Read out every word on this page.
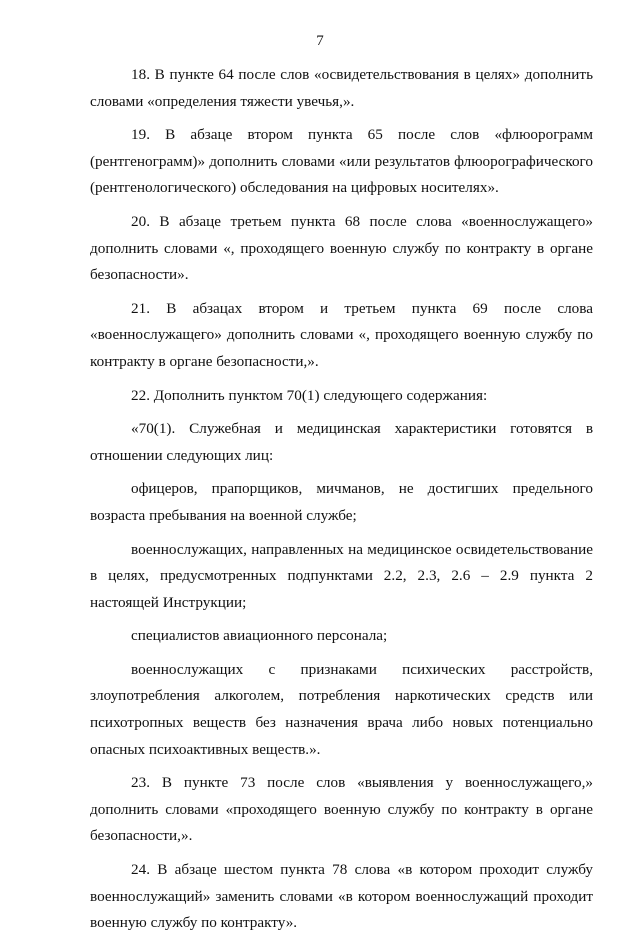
7

18. В пункте 64 после слов «освидетельствования в целях» дополнить словами «определения тяжести увечья,».

19. В абзаце втором пункта 65 после слов «флюорограмм (рентгенограмм)» дополнить словами «или результатов флюорографического (рентгенологического) обследования на цифровых носителях».

20. В абзаце третьем пункта 68 после слова «военнослужащего» дополнить словами «, проходящего военную службу по контракту в органе безопасности».

21. В абзацах втором и третьем пункта 69 после слова «военнослужащего» дополнить словами «, проходящего военную службу по контракту в органе безопасности,».

22. Дополнить пунктом 70(1) следующего содержания:

«70(1). Служебная и медицинская характеристики готовятся в отношении следующих лиц:

офицеров, прапорщиков, мичманов, не достигших предельного возраста пребывания на военной службе;

военнослужащих, направленных на медицинское освидетельствование в целях, предусмотренных подпунктами 2.2, 2.3, 2.6 – 2.9 пункта 2 настоящей Инструкции;

специалистов авиационного персонала;

военнослужащих с признаками психических расстройств, злоупотребления алкоголем, потребления наркотических средств или психотропных веществ без назначения врача либо новых потенциально опасных психоактивных веществ.».

23. В пункте 73 после слов «выявления у военнослужащего,» дополнить словами «проходящего военную службу по контракту в органе безопасности,».

24. В абзаце шестом пункта 78 слова «в котором проходит службу военнослужащий» заменить словами «в котором военнослужащий проходит военную службу по контракту».
